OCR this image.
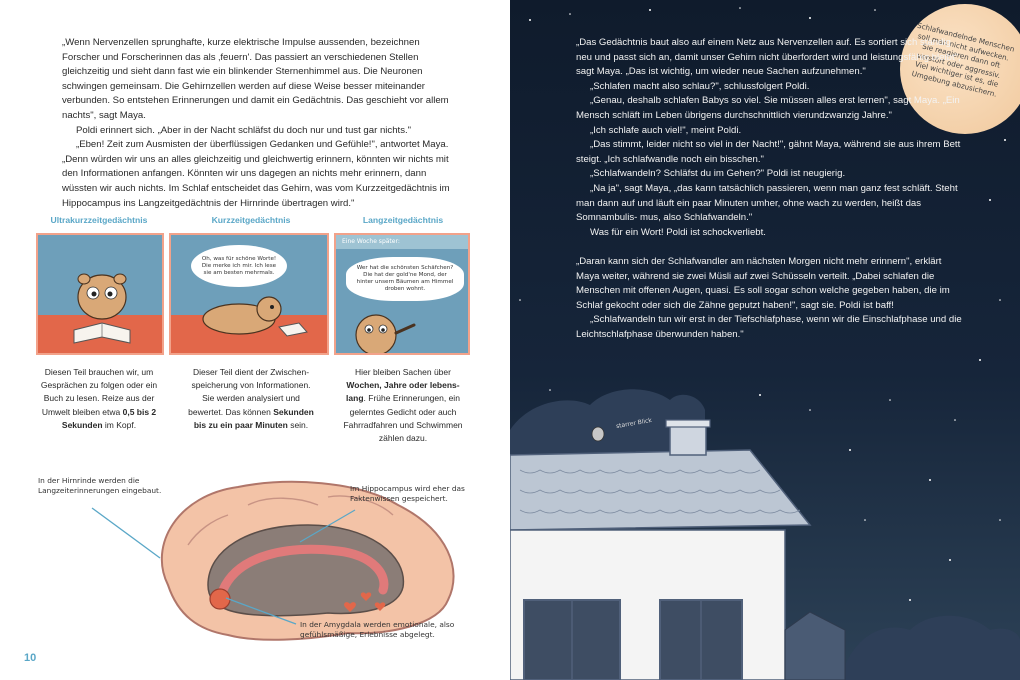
„Wenn Nervenzellen sprunghafte, kurze elektrische Impulse aussenden, bezeichnen Forscher und Forscherinnen das als ‚feuern'. Das passiert an verschiedenen Stellen gleichzeitig und sieht dann fast wie ein blinkender Sternenhimmel aus. Die Neuronen schwingen gemeinsam. Die Gehirnzellen werden auf diese Weise besser miteinander verbunden. So entstehen Erinnerungen und damit ein Gedächtnis. Das geschieht vor allem nachts", sagt Maya.

Poldi erinnert sich. „Aber in der Nacht schläfst du doch nur und tust gar nichts."

„Eben! Zeit zum Ausmisten der überflüssigen Gedanken und Gefühle!", antwortet Maya. „Denn würden wir uns an alles gleichzeitig und gleichwertig erinnern, könnten wir nichts mit den Informationen anfangen. Könnten wir uns dagegen an nichts mehr erinnern, dann wüssten wir auch nichts. Im Schlaf entscheidet das Gehirn, was vom Kurzzeitgedächtnis im Hippocampus ins Langzeitgedächtnis der Hirnrinde übertragen wird."

Ultrakurzzeitgedächtnis	Kurzzeitgedächtnis	Langzeitgedächtnis
Oh, was für schöne Worte! Die merke ich mir. Ich lese sie am besten mehrmals.
Eine Woche später:
Wer hat die schönsten Schäfchen? Die hat der gold'ne Mond, der hinter unsern Bäumen am Himmel droben wohnt.
Diesen Teil brauchen wir, um Gesprächen zu folgen oder ein Buch zu lesen. Reize aus der Umwelt bleiben etwa 0,5 bis 2 Sekunden im Kopf.
Dieser Teil dient der Zwischen- speicherung von Informationen. Sie werden analysiert und bewertet. Das können Sekunden bis zu ein paar Minuten sein.
Hier bleiben Sachen über Wochen, Jahre oder lebens- lang. Frühe Erinnerungen, ein gelerntes Gedicht oder auch Fahrradfahren und Schwimmen zählen dazu.
In der Hirnrinde werden die Langzeiterinnerungen eingebaut.	Im Hippocampus wird eher das Faktenwissen gespeichert.
In der Amygdala werden emotionale, also gefühlsmäßige, Erlebnisse abgelegt.
10
Schlafwandelnde Menschen soll man nicht aufwecken. Sie reagieren dann oft verstört oder aggressiv. Viel wichtiger ist es, die Umgebung abzusichern.

„Das Gedächtnis baut also auf einem Netz aus Nervenzellen auf. Es sortiert sich ständig neu und passt sich an, damit unser Gehirn nicht überfordert wird und leistungsfähig bleibt", sagt Maya. „Das ist wichtig, um wieder neue Sachen aufzunehmen."

„Schlafen macht also schlau?", schlussfolgert Poldi.

„Genau, deshalb schlafen Babys so viel. Sie müssen alles erst lernen", sagt Maya. „Ein Mensch schläft im Leben übrigens durchschnittlich vierundzwanzig Jahre."

„Ich schlafe auch viel!", meint Poldi.

„Das stimmt, leider nicht so viel in der Nacht!", gähnt Maya, während sie aus ihrem Bett steigt. „Ich schlafwandle noch ein bisschen."

„Schlafwandeln? Schläfst du im Gehen?" Poldi ist neugierig.

„Na ja", sagt Maya, „das kann tatsächlich passieren, wenn man ganz fest schläft. Steht man dann auf und läuft ein paar Minuten umher, ohne wach zu werden, heißt das Somnambulis- mus, also Schlafwandeln."

Was für ein Wort! Poldi ist schockverliebt.

„Daran kann sich der Schlafwandler am nächsten Morgen nicht mehr erinnern", erklärt Maya weiter, während sie zwei Müsli auf zwei Schüsseln verteilt. „Dabei schlafen die Menschen mit offenen Augen, quasi. Es soll sogar schon welche gegeben haben, die im Schlaf gekocht oder sich die Zähne geputzt haben!", sagt sie. Poldi ist baff!

„Schlafwandeln tun wir erst in der Tiefschlafphase, wenn wir die Einschlafphase und die Leichtschlafphase überwunden haben."

starrer Blick
